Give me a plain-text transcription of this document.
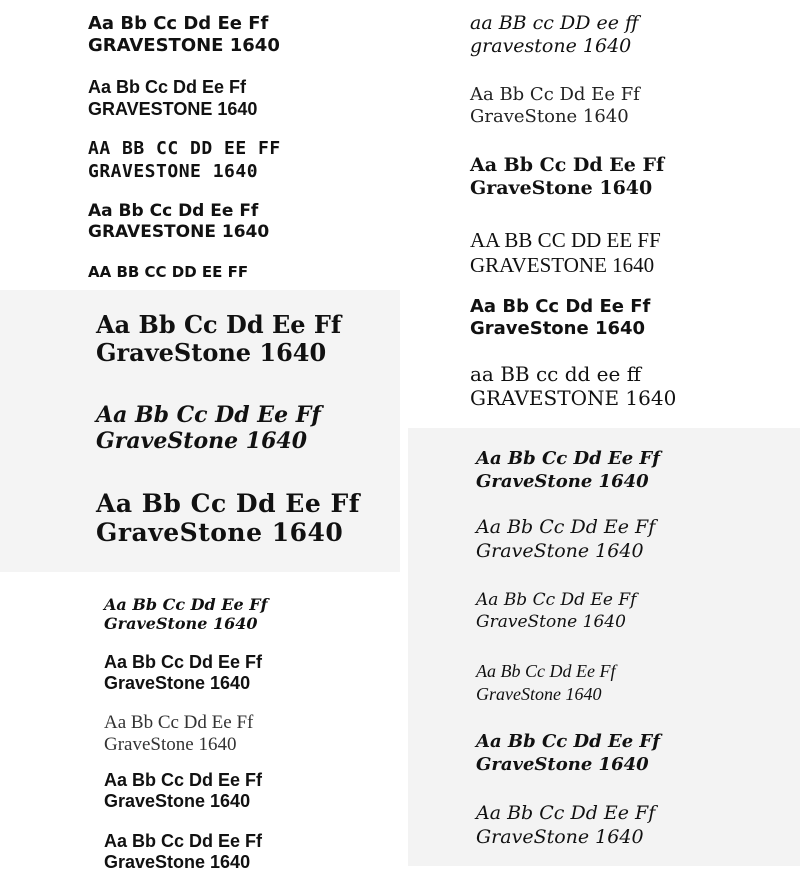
Aa Bb Cc Dd Ee Ff
GRAVESTONE 1640
Aa Bb Cc Dd Ee Ff
GRAVESTONE 1640
AA BB CC DD EE FF
GRAVESTONE 1640
Aa Bb Cc Dd Ee Ff
GRAVESTONE 1640
AA BB CC DD EE FF
Aa Bb Cc Dd Ee Ff
GraveStone 1640
Aa Bb Cc Dd Ee Ff
GraveStone 1640
Aa Bb Cc Dd Ee Ff
GraveStone 1640
Aa Bb Cc Dd Ee Ff
GraveStone 1640
Aa Bb Cc Dd Ee Ff
GraveStone 1640
Aa Bb Cc Dd Ee Ff
GraveStone 1640
Aa Bb Cc Dd Ee Ff
GraveStone 1640
Aa Bb Cc Dd Ee Ff
aa BB cc DD ee ff
gravestone 1640
Aa Bb Cc Dd Ee Ff
GraveStone 1640
Aa Bb Cc Dd Ee Ff
GraveStone 1640
AA BB CC DD EE FF
GRAVESTONE 1640
Aa Bb Cc Dd Ee Ff
GraveStone 1640
aa BB cc dd ee ff
GRAVESTONE 1640
Aa Bb Cc Dd Ee Ff
GraveStone 1640
Aa Bb Cc Dd Ee Ff
GraveStone 1640
Aa Bb Cc Dd Ee Ff
GraveStone 1640
Aa Bb Cc Dd Ee Ff
GraveStone 1640
Aa Bb Cc Dd Ee Ff
GraveStone 1640
Aa Bb Cc Dd Ee Ff
GraveStone 1640
